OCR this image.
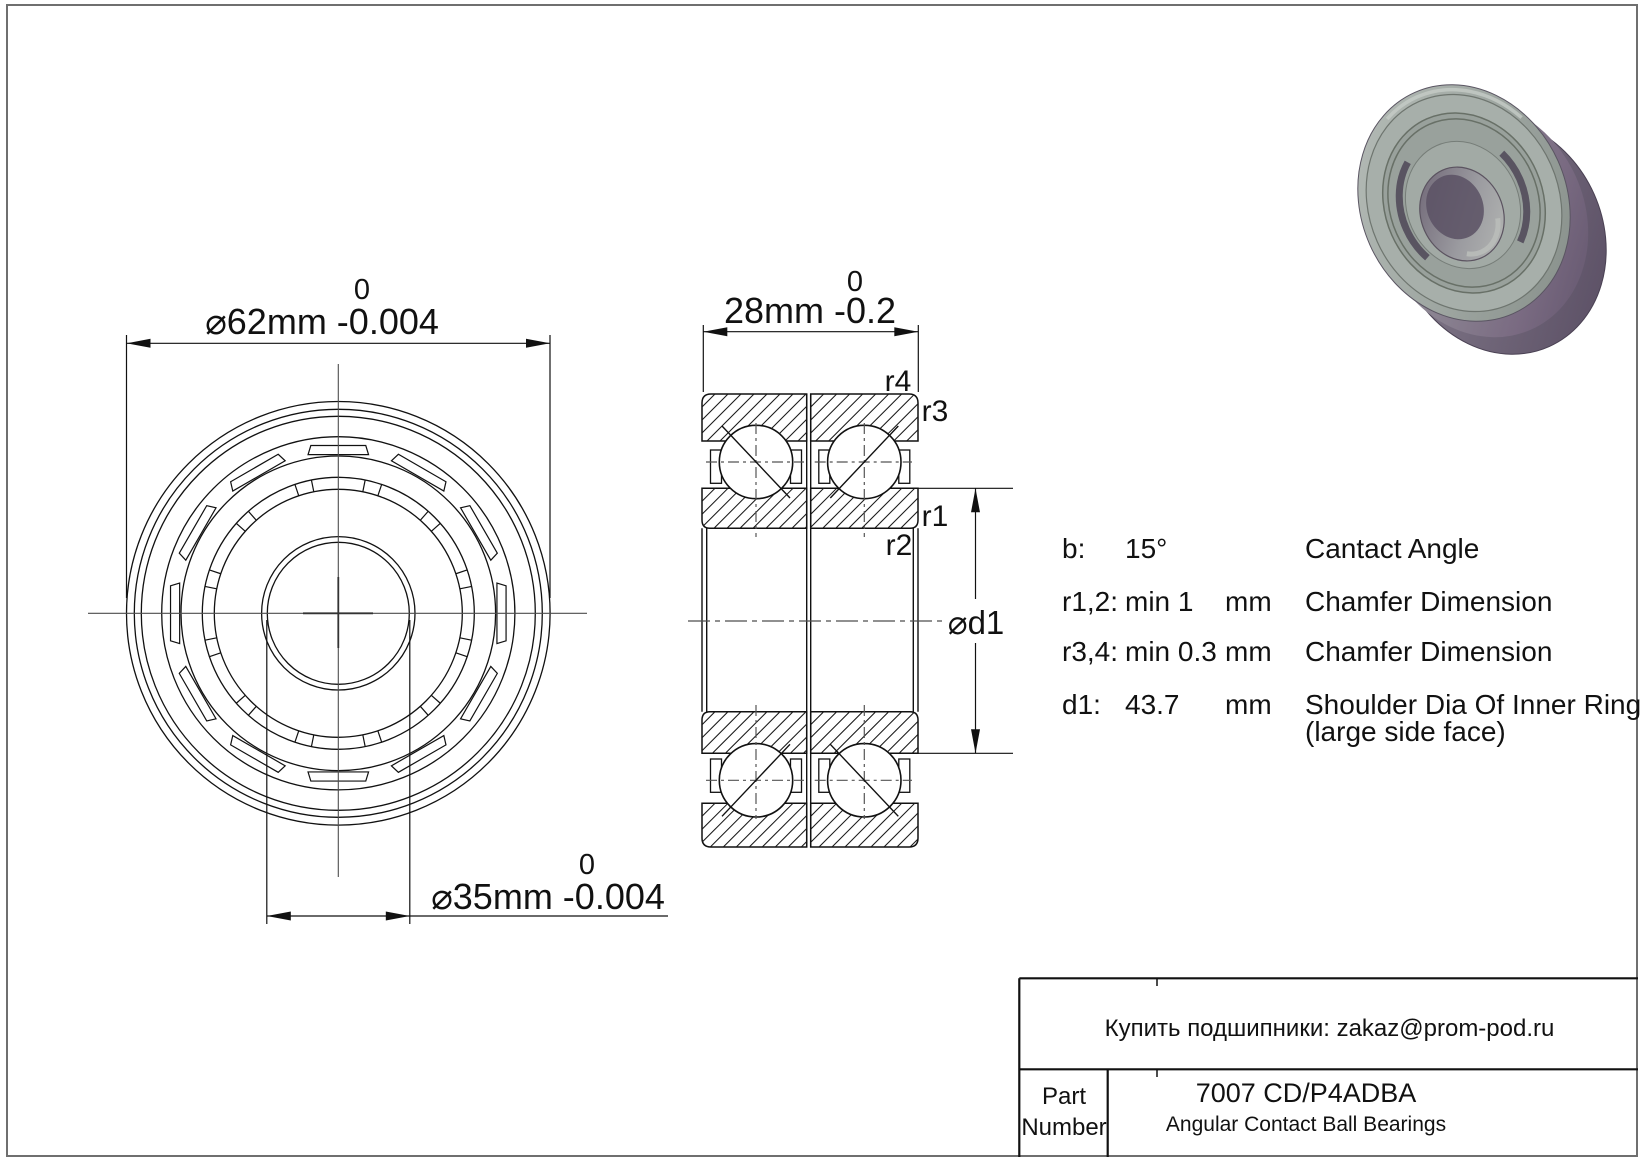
0
⌀62mm -0.004
0
⌀35mm -0.004
0
28mm -0.2
⌀d1
r4
r3
r1
r2	b: 15°	Cantact Angle
r1,2: min 1 mm Chamfer Dimension
r3,4: min 0.3 mm Chamfer Dimension
d1: 43.7 mm Shoulder Dia Of Inner Ring
(large side face)
Купить подшипники: zakaz@prom-pod.ru
Part
Number
7007 CD/P4ADBA
Angular Contact Ball Bearings
